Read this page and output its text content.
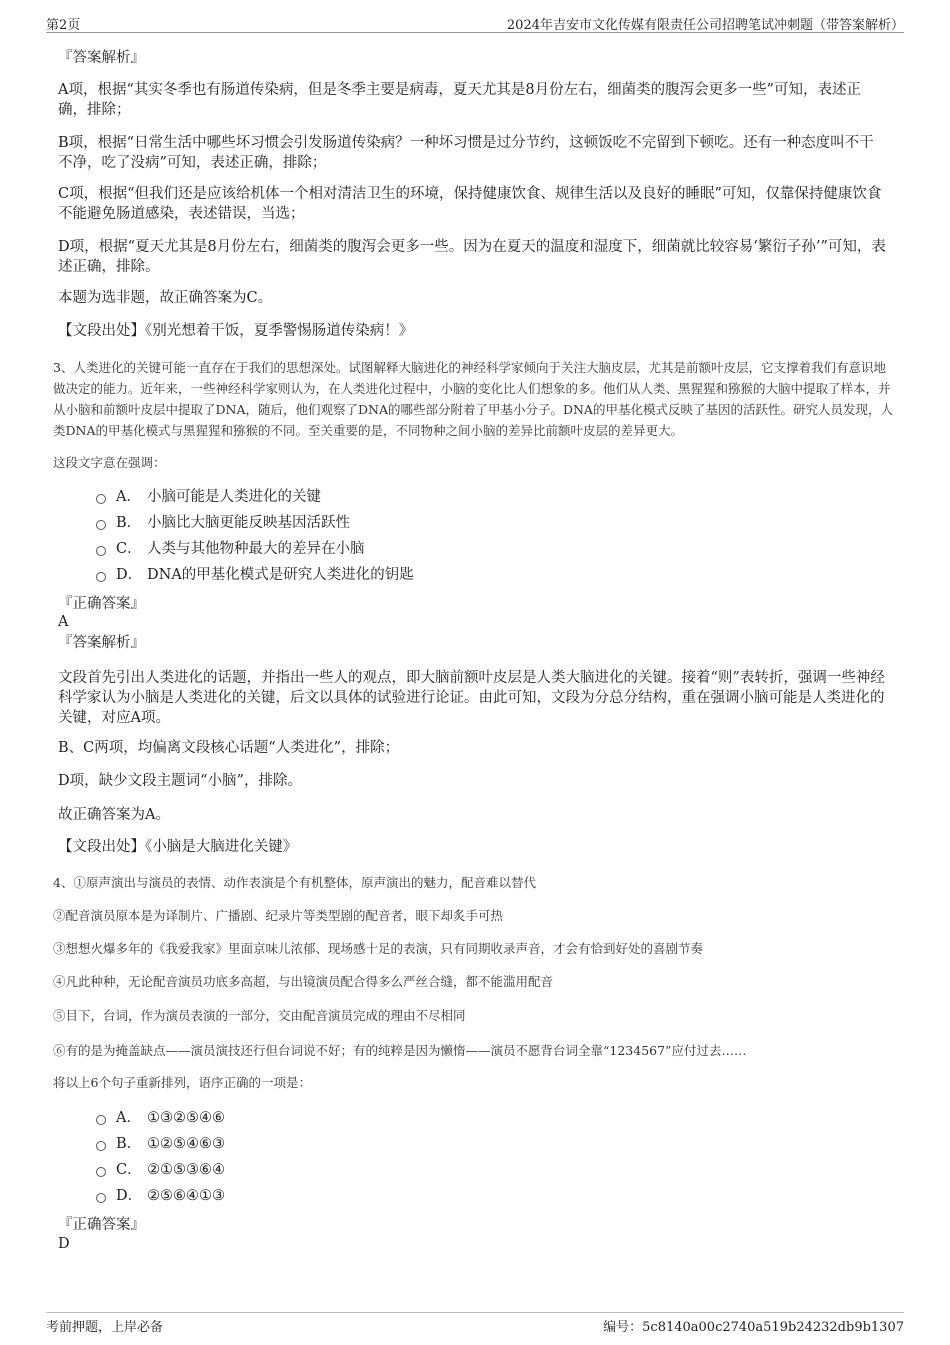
第2页	2024年吉安市文化传媒有限责任公司招聘笔试冲刺题（带答案解析）
『答案解析』
A项，根据“其实冬季也有肠道传染病，但是冬季主要是病毒，夏天尤其是8月份左右，细菌类的腹泻会更多一些”可知，表述正确，排除；
B项，根据“日常生活中哪些坏习惯会引发肠道传染病？一种坏习惯是过分节约，这顿饭吃不完留到下顿吃。还有一种态度叫不干不净，吃了没病”可知，表述正确，排除；
C项，根据“但我们还是应该给机体一个相对清洁卫生的环境，保持健康饮食、规律生活以及良好的睡眠”可知，仅靠保持健康饮食不能避免肠道感染，表述错误，当选；
D项，根据“夏天尤其是8月份左右，细菌类的腹泻会更多一些。因为在夏天的温度和湿度下，细菌就比较容易‘繁衍子孙’”可知，表述正确，排除。
本题为选非题，故正确答案为C。
【文段出处】《别光想着干饭，夏季警惕肠道传染病！》
3、人类进化的关键可能一直存在于我们的思想深处。试图解释大脑进化的神经科学家倾向于关注大脑皮层，尤其是前额叶皮层，它支撑着我们有意识地做决定的能力。近年来，一些神经科学家则认为，在人类进化过程中，小脑的变化比人们想象的多。他们从人类、黑猩猩和猕猴的大脑中提取了样本，并从小脑和前额叶皮层中提取了DNA，随后，他们观察了DNA的哪些部分附着了甲基小分子。DNA的甲基化模式反映了基因的活跃性。研究人员发现，人类DNA的甲基化模式与黑猩猩和猕猴的不同。至关重要的是，不同物种之间小脑的差异比前额叶皮层的差异更大。
这段文字意在强调：
A． 小脑可能是人类进化的关键
B． 小脑比大脑更能反映基因活跃性
C． 人类与其他物种最大的差异在小脑
D． DNA的甲基化模式是研究人类进化的钥匙
『正确答案』
A
『答案解析』
文段首先引出人类进化的话题，并指出一些人的观点，即大脑前额叶皮层是人类大脑进化的关键。接着“则”表转折，强调一些神经科学家认为小脑是人类进化的关键，后文以具体的试验进行论证。由此可知，文段为分总分结构，重在强调小脑可能是人类进化的关键，对应A项。
B、C两项，均偏离文段核心话题“人类进化”，排除；
D项，缺少文段主题词“小脑”，排除。
故正确答案为A。
【文段出处】《小脑是大脑进化关键》
4、①原声演出与演员的表情、动作表演是个有机整体，原声演出的魅力，配音难以替代
②配音演员原本是为译制片、广播剧、纪录片等类型剧的配音者，眼下却炙手可热
③想想火爆多年的《我爱我家》里面京味儿浓郁、现场感十足的表演，只有同期收录声音，才会有恰到好处的喜剧节奏
④凡此种种，无论配音演员功底多高超，与出镜演员配合得多么严丝合缝，都不能滥用配音
⑤目下，台词，作为演员表演的一部分，交由配音演员完成的理由不尽相同
⑥有的是为掩盖缺点——演员演技还行但台词说不好；有的纯粹是因为懒惰——演员不愿背台词全靠“1234567”应付过去……
将以上6个句子重新排列，语序正确的一项是：
A． ①③②⑤④⑥
B． ①②⑤④⑥③
C． ②①⑤③⑥④
D． ②⑤⑥④①③
『正确答案』
D
考前押题，上岸必备	编号：5c8140a00c2740a519b24232db9b1307
